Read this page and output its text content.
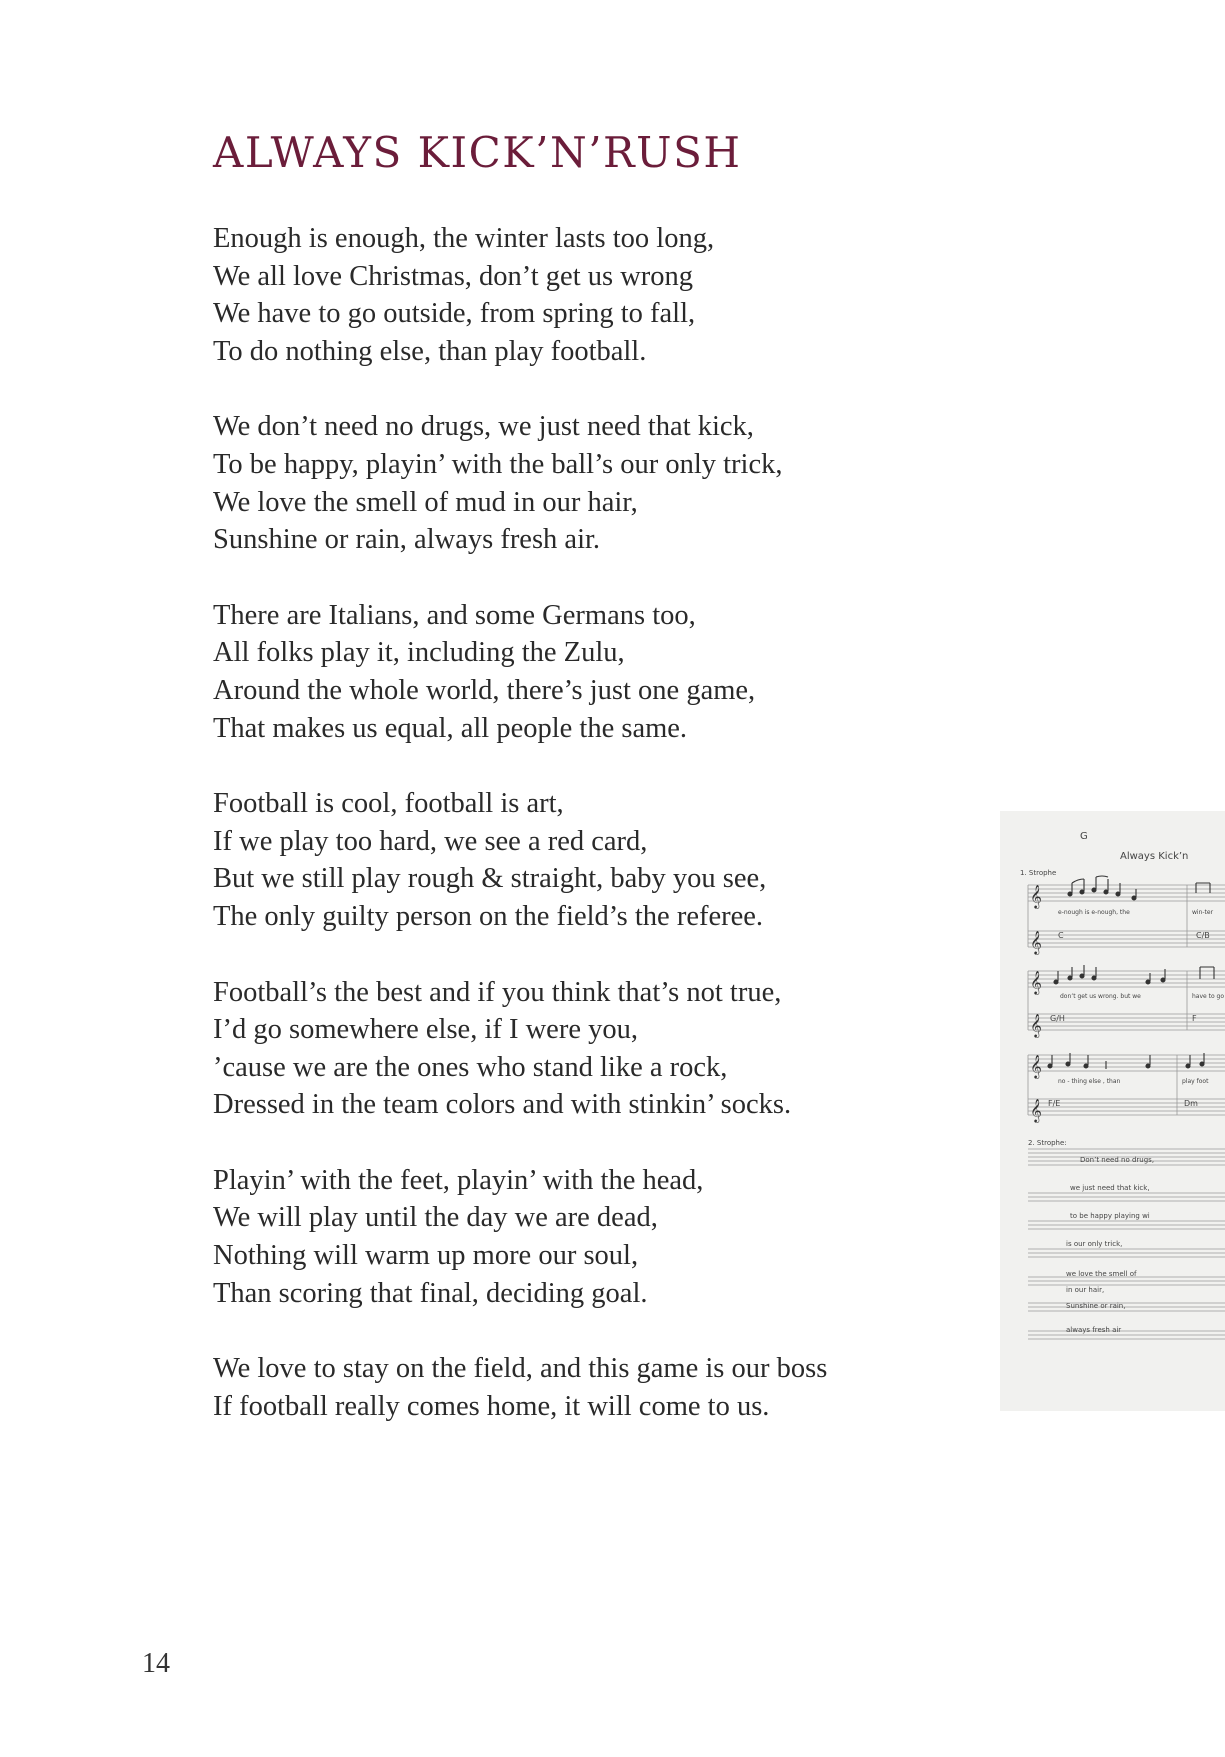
ALWAYS KICK’N’RUSH
Enough is enough, the winter lasts too long,
We all love Christmas, don’t get us wrong
We have to go outside, from spring to fall,
To do nothing else, than play football.
We don’t need no drugs, we just need that kick,
To be happy, playin’ with the ball’s our only trick,
We love the smell of mud in our hair,
Sunshine or rain, always fresh air.
There are Italians, and some Germans too,
All folks play it, including the Zulu,
Around the whole world, there’s just one game,
That makes us equal, all people the same.
Football is cool, football is art,
If we play too hard, we see a red card,
But we still play rough & straight, baby you see,
The only guilty person on the field’s the referee.
Football’s the best and if you think that’s not true,
I’d go somewhere else, if I were you,
’cause we are the ones who stand like a rock,
Dressed in the team colors and with stinkin’ socks.
Playin’ with the feet, playin’ with the head,
We will play until the day we are dead,
Nothing will warm up more our soul,
Than scoring that final, deciding goal.
We love to stay on the field, and this game is our boss
If football really comes home, it will come to us.
𝄞
𝄞
𝄞
𝄞
𝄞
𝄞
G
Always Kick’n
1. Strophe
e-nough is e-nough, the	win-ter
don’t get us wrong. but we	have to go
no - thing else , than	play foot
C	C/B
G/H	F
F/E	Dm
2. Strophe:
Don’t need no drugs,
we just need that kick,
to be happy playing wi
is our only trick,
we love the smell of
in our hair,
Sunshine or rain,
always fresh air
14
